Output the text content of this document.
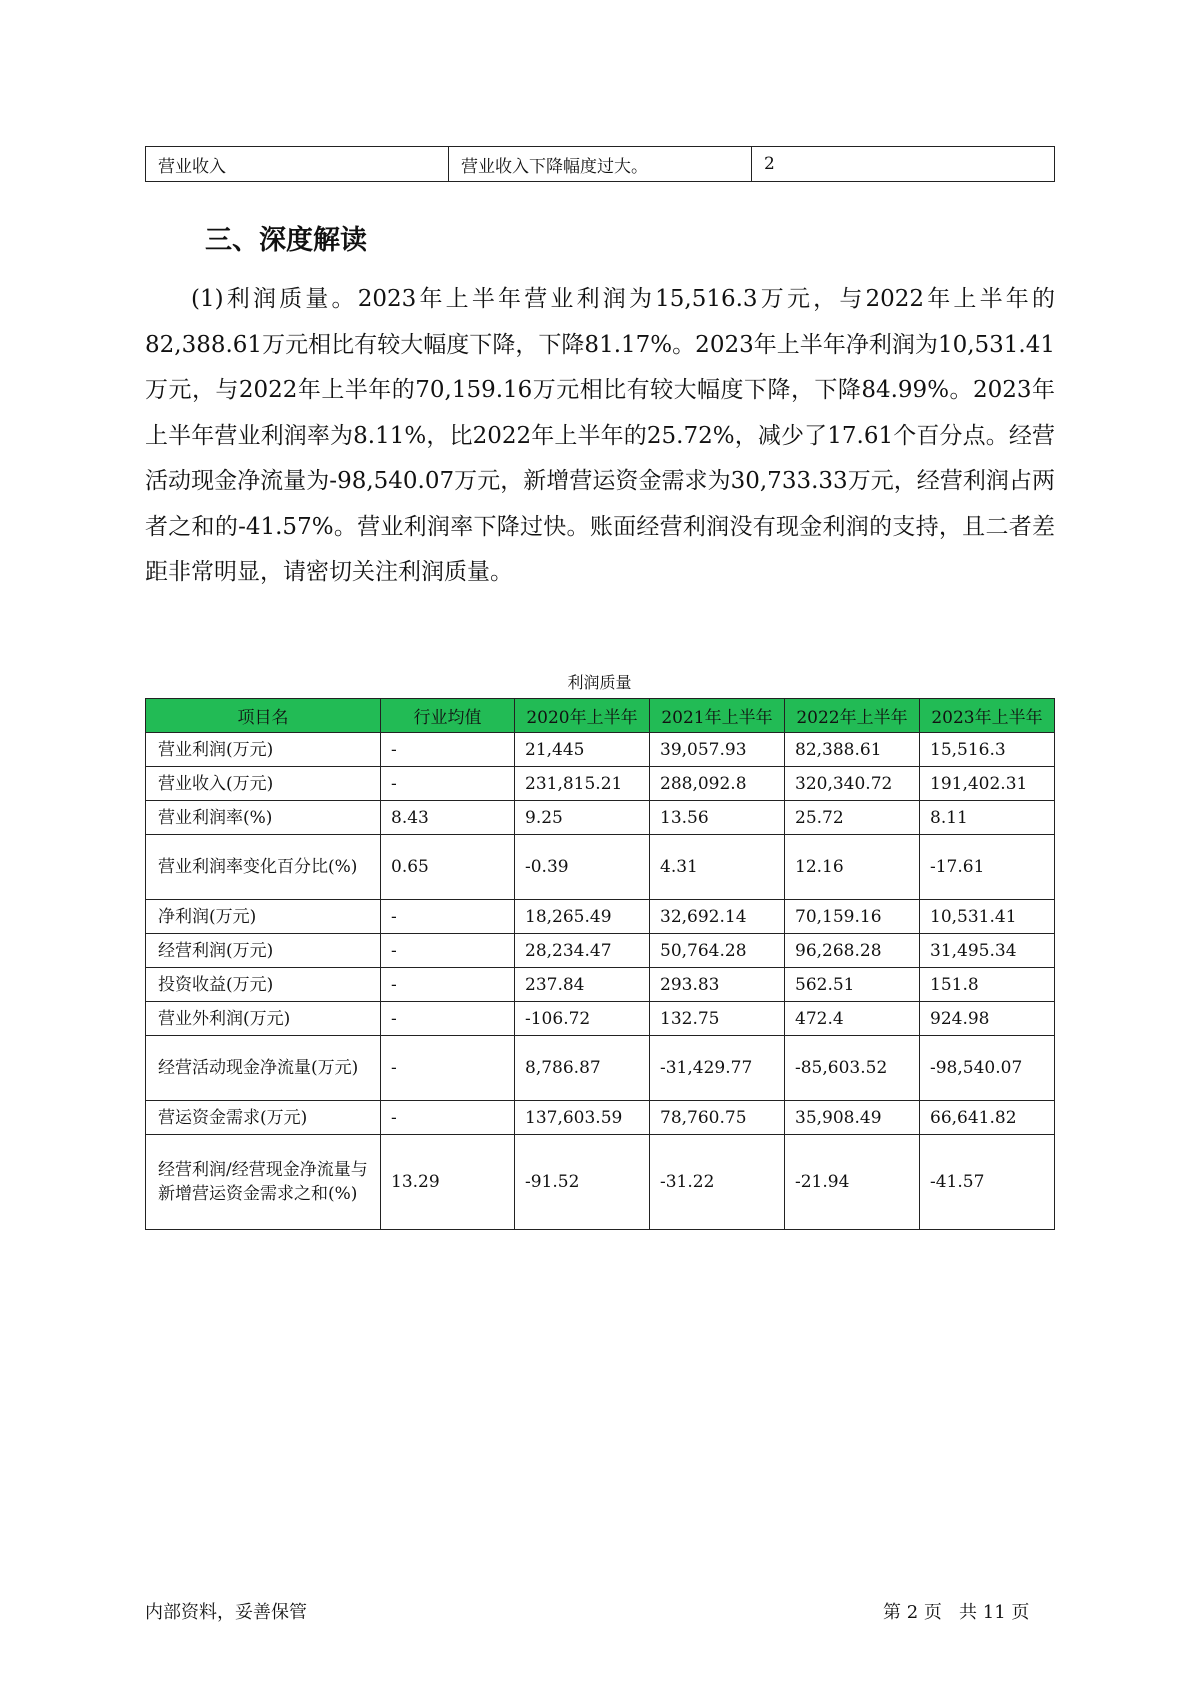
营业收入	营业收入下降幅度过大。	2
三、深度解读

(1)利润质量。2023年上半年营业利润为15,516.3万元，与2022年上半年的82,388.61万元相比有较大幅度下降，下降81.17%。2023年上半年净利润为10,531.41万元，与2022年上半年的70,159.16万元相比有较大幅度下降，下降84.99%。2023年上半年营业利润率为8.11%，比2022年上半年的25.72%，减少了17.61个百分点。经营活动现金净流量为-98,540.07万元，新增营运资金需求为30,733.33万元，经营利润占两者之和的-41.57%。营业利润率下降过快。账面经营利润没有现金利润的支持，且二者差距非常明显，请密切关注利润质量。

利润质量
项目名	行业均值	2020年上半年	2021年上半年	2022年上半年	2023年上半年
营业利润(万元)	-	21,445	39,057.93	82,388.61	15,516.3
营业收入(万元)	-	231,815.21	288,092.8	320,340.72	191,402.31
营业利润率(%)	8.43	9.25	13.56	25.72	8.11
营业利润率变化百分比(%)	0.65	-0.39	4.31	12.16	-17.61
净利润(万元)	-	18,265.49	32,692.14	70,159.16	10,531.41
经营利润(万元)	-	28,234.47	50,764.28	96,268.28	31,495.34
投资收益(万元)	-	237.84	293.83	562.51	151.8
营业外利润(万元)	-	-106.72	132.75	472.4	924.98
经营活动现金净流量(万元)	-	8,786.87	-31,429.77	-85,603.52	-98,540.07
营运资金需求(万元)	-	137,603.59	78,760.75	35,908.49	66,641.82
经营利润/经营现金净流量与新增营运资金需求之和(%)	13.29	-91.52	-31.22	-21.94	-41.57
内部资料，妥善保管	第 2 页   共 11 页
